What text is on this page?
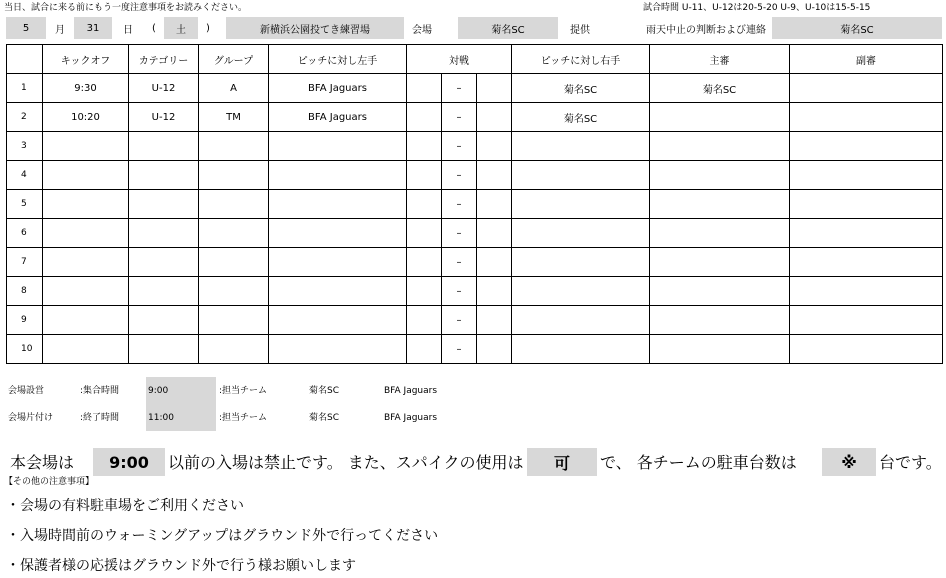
当日、試合に来る前にもう一度注意事項をお読みください。	試合時間 U-11、U-12は20-5-20 U-9、U-10は15-5-15
5	月	31	日	(	土	)	新横浜公園投てき練習場	会場	菊名SC	提供	雨天中止の判断および連絡	菊名SC
	キックオフ	カテゴリー	グループ	ピッチに対し左手	対戦			ピッチに対し右手	主審	副審
1	9:30	U-12	A	BFA Jaguars		–		菊名SC	菊名SC	
2	10:20	U-12	TM	BFA Jaguars		–		菊名SC		
3						–				
4						–				
5						–				
6						–				
7						–				
8						–				
9						–				
10						–				
会場設営	:集合時間	9:00	:担当チーム	菊名SC	BFA Jaguars
会場片付け	:終了時間	11:00	:担当チーム	菊名SC	BFA Jaguars
本会場は	9:00	以前の入場は禁止です。 また、スパイクの使用は	可	で、 各チームの駐車台数は	※	台です。
【その他の注意事項】
・会場の有料駐車場をご利用ください
・入場時間前のウォーミングアップはグラウンド外で行ってください
・保護者様の応援はグラウンド外で行う様お願いします
